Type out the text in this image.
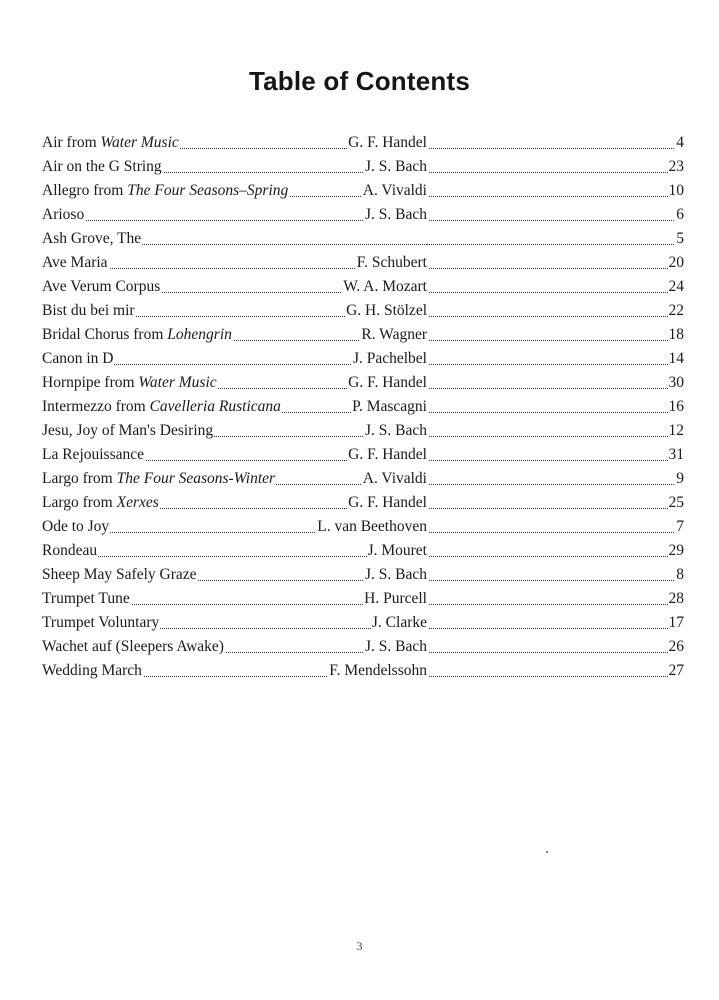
Table of Contents
Air from Water Music	G. F. Handel	4
Air on the G String	J. S. Bach	23
Allegro from The Four Seasons–Spring	A. Vivaldi	10
Arioso	J. S. Bach	6
Ash Grove, The	5
Ave Maria	F. Schubert	20
Ave Verum Corpus	W. A. Mozart	24
Bist du bei mir	G. H. Stölzel	22
Bridal Chorus from Lohengrin	R. Wagner	18
Canon in D	J. Pachelbel	14
Hornpipe from Water Music	G. F. Handel	30
Intermezzo from Cavelleria Rusticana	P. Mascagni	16
Jesu, Joy of Man's Desiring	J. S. Bach	12
La Rejouissance	G. F. Handel	31
Largo from The Four Seasons-Winter	A. Vivaldi	9
Largo from Xerxes	G. F. Handel	25
Ode to Joy	L. van Beethoven	7
Rondeau	J. Mouret	29
Sheep May Safely Graze	J. S. Bach	8
Trumpet Tune	H. Purcell	28
Trumpet Voluntary	J. Clarke	17
Wachet auf (Sleepers Awake)	J. S. Bach	26
Wedding March	F. Mendelssohn	27
3
